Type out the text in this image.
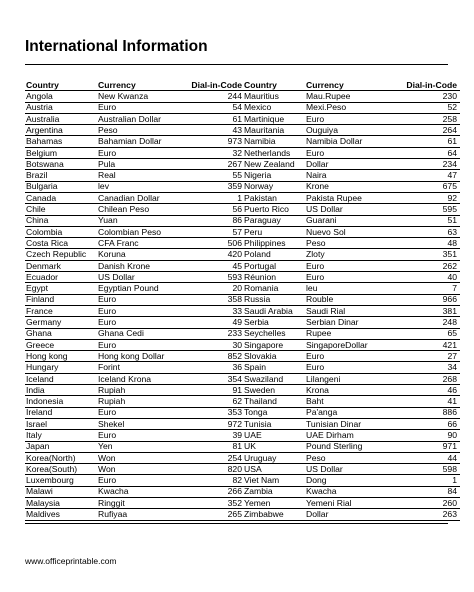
International Information
Country	Currency	Dial-in-Code
Angola	New Kwanza	244
Austria	Euro	54
Australia	Australian Dollar	61
Argentina	Peso	43
Bahamas	Bahamian Dollar	973
Belgium	Euro	32
Botswana	Pula	267
Brazil	Real	55
Bulgaria	lev	359
Canada	Canadian Dollar	1
Chile	Chilean Peso	56
China	Yuan	86
Colombia	Colombian Peso	57
Costa Rica	CFA Franc	506
Czech Republic	Koruna	420
Denmark	Danish Krone	45
Ecuador	US Dollar	593
Egypt	Egyptian Pound	20
Finland	Euro	358
France	Euro	33
Germany	Euro	49
Ghana	Ghana Cedi	233
Greece	Euro	30
Hong kong	Hong kong Dollar	852
Hungary	Forint	36
Iceland	Iceland Krona	354
India	Rupiah	91
Indonesia	Rupiah	62
Ireland	Euro	353
Israel	Shekel	972
Italy	Euro	39
Japan	Yen	81
Korea(North)	Won	254
Korea(South)	Won	820
Luxembourg	Euro	82
Malawi	Kwacha	266
Malaysia	Ringgit	352
Maldives	Rufiyaa	265
Country	Currency	Dial-in-Code
Mauritius	Mau.Rupee	230
Mexico	Mexi.Peso	52
Martinique	Euro	258
Mauritania	Ouguiya	264
Namibia	Namibia Dollar	61
Netherlands	Euro	64
New Zealand	Dollar	234
Nigeria	Naira	47
Norway	Krone	675
Pakistan	Pakista Rupee	92
Puerto Rico	US Dollar	595
Paraguay	Guarani	51
Peru	Nuevo Sol	63
Philippines	Peso	48
Poland	Zloty	351
Portugal	Euro	262
Réunion	Euro	40
Romania	leu	7
Russia	Rouble	966
Saudi Arabia	Saudi Rial	381
Serbia	Serbian Dinar	248
Seychelles	Rupee	65
Singapore	SingaporeDollar	421
Slovakia	Euro	27
Spain	Euro	34
Swaziland	Lilangeni	268
Sweden	Krona	46
Thailand	Baht	41
Tonga	Pa'anga	886
Tunisia	Tunisian Dinar	66
UAE	UAE Dirham	90
UK	Pound Sterling	971
Uruguay	Peso	44
USA	US Dollar	598
Viet Nam	Dong	1
Zambia	Kwacha	84
Yemen	Yemeni Rial	260
Zimbabwe	Dollar	263
www.officeprintable.com
